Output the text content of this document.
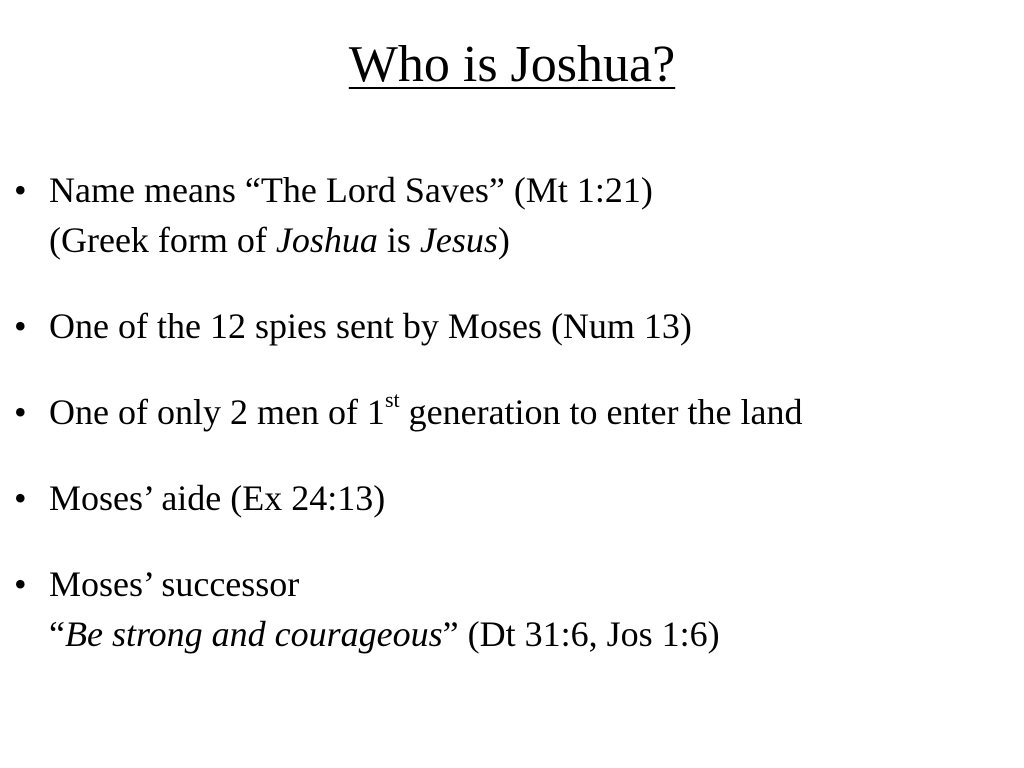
Who is Joshua?
• Name means “The Lord Saves” (Mt 1:21)
(Greek form of Joshua is Jesus)
• One of the 12 spies sent by Moses (Num 13)
• One of only 2 men of 1st generation to enter the land
• Moses’ aide (Ex 24:13)
• Moses’ successor
“Be strong and courageous” (Dt 31:6, Jos 1:6)
